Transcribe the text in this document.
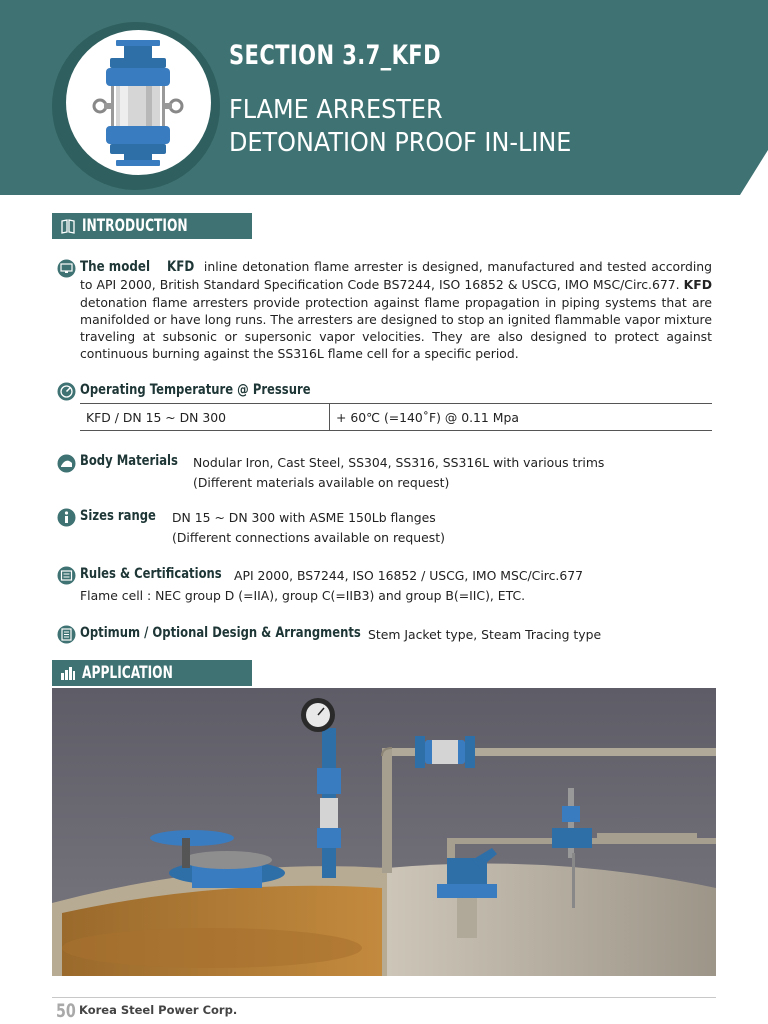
SECTION 3.7_KFD
FLAME ARRESTER
DETONATION PROOF IN-LINE
INTRODUCTION
The model KFD inline detonation flame arrester is designed, manufactured and tested according to API 2000, British Standard Specification Code BS7244, ISO 16852 & USCG, IMO MSC/Circ.677. KFD detonation flame arresters provide protection against flame propagation in piping systems that are manifolded or have long runs. The arresters are designed to stop an ignited flammable vapor mixture traveling at subsonic or supersonic vapor velocities. They are also designed to protect against continuous burning against the SS316L flame cell for a specific period.
Operating Temperature @ Pressure
KFD / DN 15 ~ DN 300	+ 60℃ (=140˚F) @ 0.11 Mpa
Body Materials Nodular Iron, Cast Steel, SS304, SS316, SS316L with various trims
(Different materials available on request)
Sizes range DN 15 ~ DN 300 with ASME 150Lb flanges
(Different connections available on request)
Rules & Certifications API 2000, BS7244, ISO 16852 / USCG, IMO MSC/Circ.677
Flame cell : NEC group D (=IIA), group C(=IIB3) and group B(=IIC), ETC.
Optimum / Optional Design & Arrangments Stem Jacket type, Steam Tracing type
APPLICATION
50 Korea Steel Power Corp.
